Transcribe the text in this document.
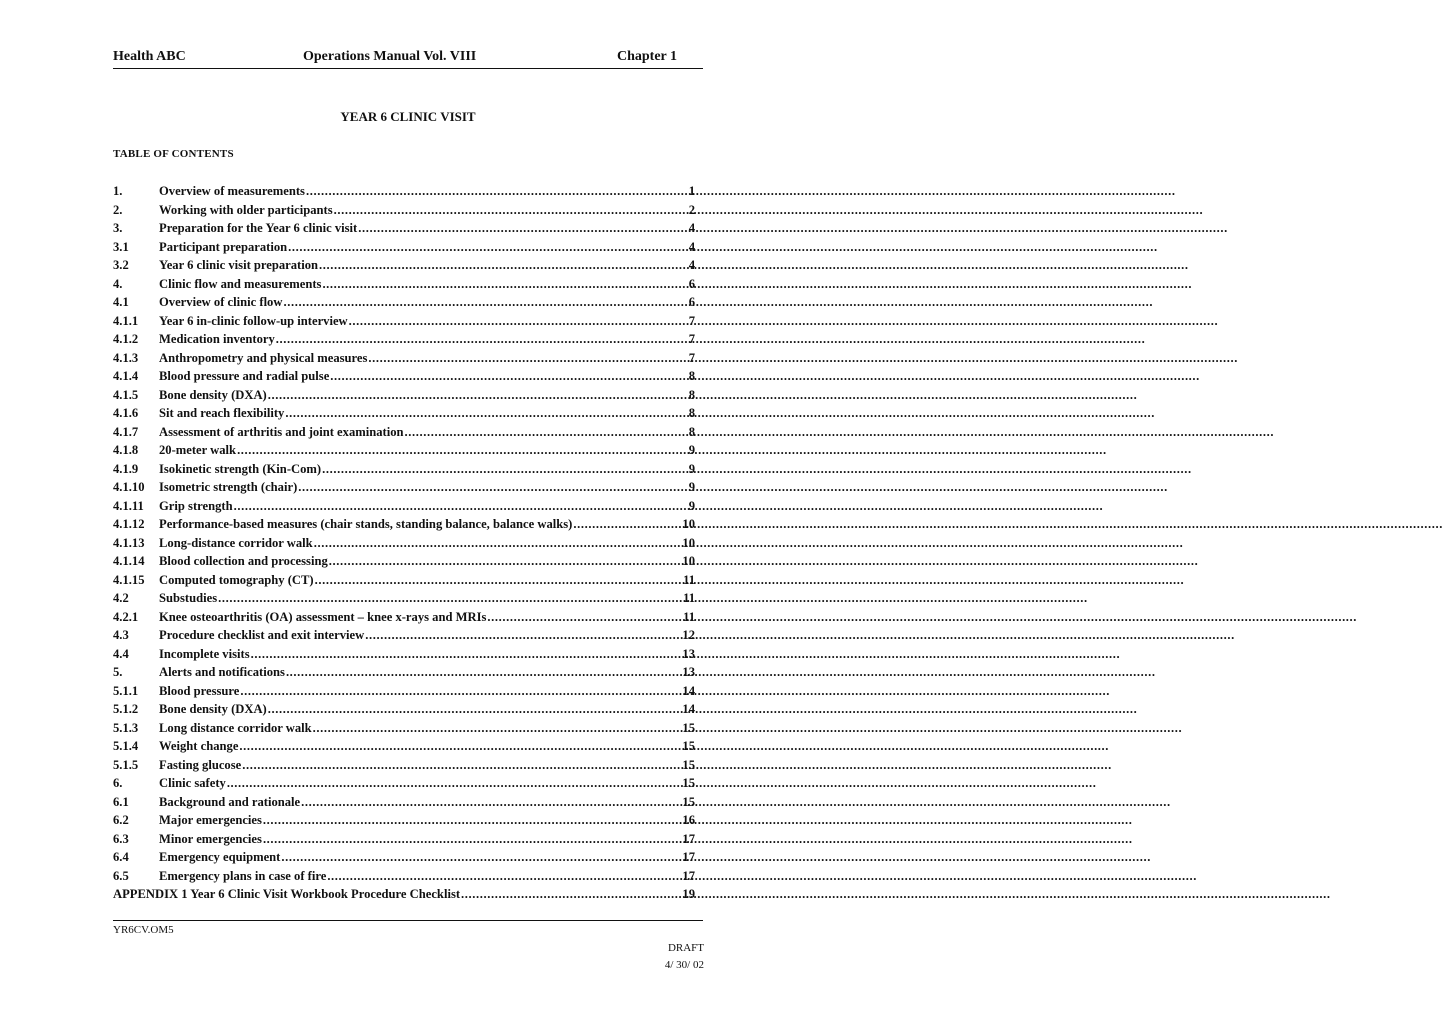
Health ABC	Operations Manual Vol. VIII	Chapter 1
YEAR 6 CLINIC VISIT
TABLE OF CONTENTS
1.	Overview of measurements .....	1
2.	Working with older participants .....	2
3.	Preparation for the Year 6 clinic visit .....	4
3.1	Participant preparation .....	4
3.2	Year 6 clinic visit preparation .....	4
4.	Clinic flow and measurements .....	6
4.1	Overview of clinic flow .....	6
4.1.1	Year 6 in-clinic follow-up interview .....	7
4.1.2	Medication inventory .....	7
4.1.3	Anthropometry and physical measures .....	7
4.1.4	Blood pressure and radial pulse .....	8
4.1.5	Bone density (DXA) .....	8
4.1.6	Sit and reach flexibility .....	8
4.1.7	Assessment of arthritis and joint examination .....	8
4.1.8	20-meter walk .....	9
4.1.9	Isokinetic strength (Kin-Com) .....	9
4.1.10	Isometric strength (chair) .....	9
4.1.11	Grip strength .....	9
4.1.12	Performance-based measures (chair stands, standing balance, balance walks) .....	10
4.1.13	Long-distance corridor walk .....	10
4.1.14	Blood collection and processing .....	10
4.1.15	Computed tomography (CT) .....	11
4.2	Substudies .....	11
4.2.1	Knee osteoarthritis (OA) assessment – knee x-rays and MRIs .....	11
4.3	Procedure checklist and exit interview .....	12
4.4	Incomplete visits .....	13
5.	Alerts and notifications .....	13
5.1.1	Blood pressure .....	14
5.1.2	Bone density (DXA) .....	14
5.1.3	Long distance corridor walk .....	15
5.1.4	Weight change .....	15
5.1.5	Fasting glucose .....	15
6.	Clinic safety .....	15
6.1	Background and rationale .....	15
6.2	Major emergencies .....	16
6.3	Minor emergencies .....	17
6.4	Emergency equipment .....	17
6.5	Emergency plans in case of fire .....	17
APPENDIX 1 Year 6 Clinic Visit Workbook Procedure Checklist .....	19
YR6CV.OM5
DRAFT
4/ 30/ 02
